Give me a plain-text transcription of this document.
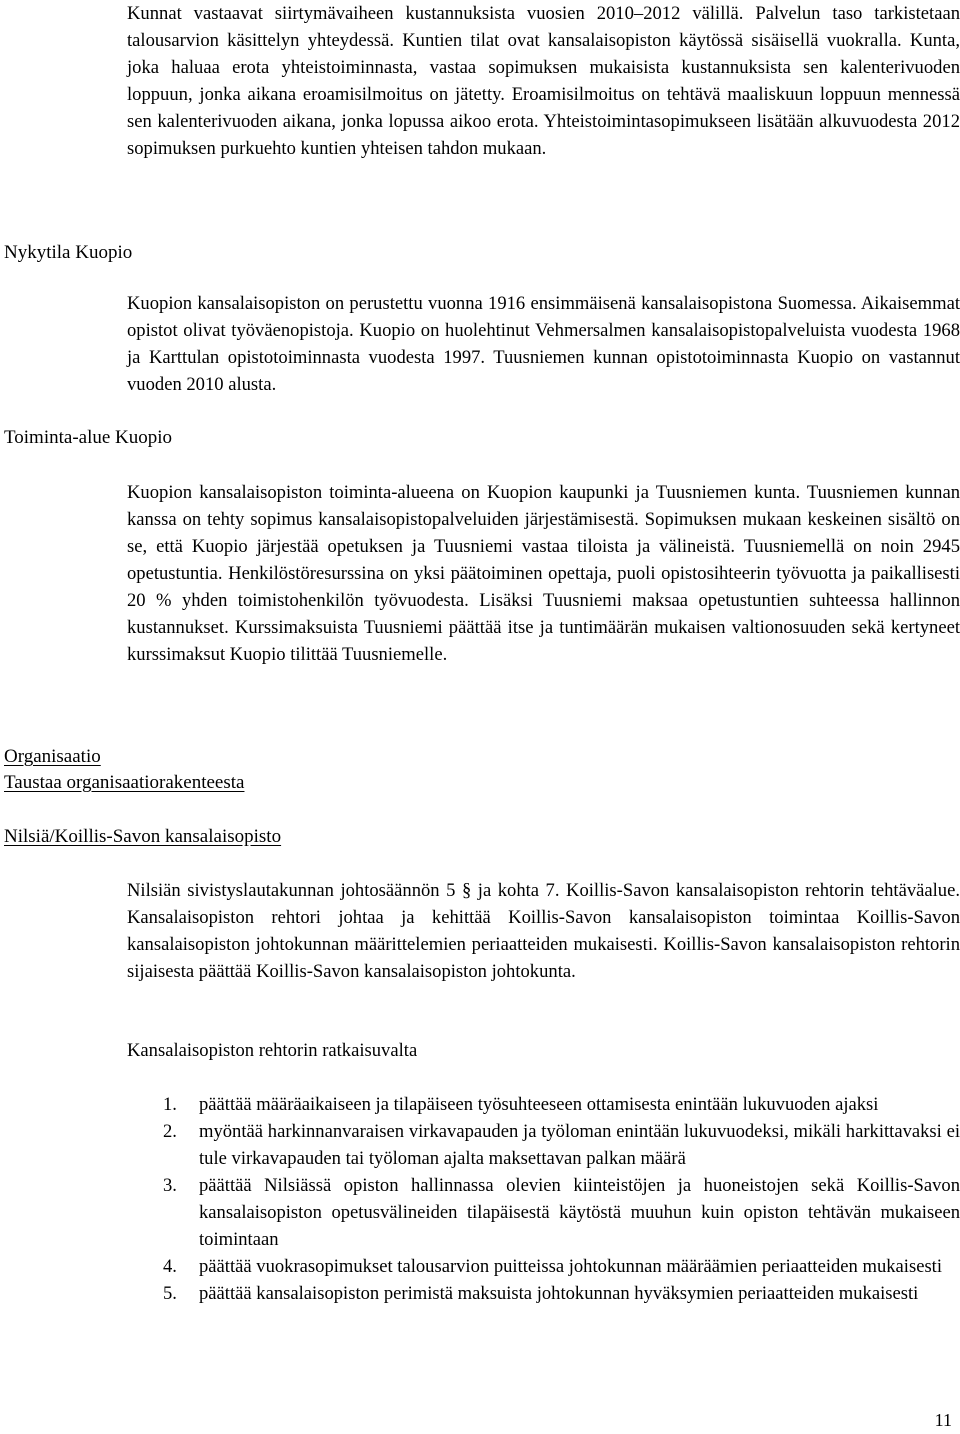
Kunnat vastaavat siirtymävaiheen kustannuksista vuosien 2010–2012 välillä. Palvelun taso tarkistetaan talousarvion käsittelyn yhteydessä. Kuntien tilat ovat kansalaisopiston käytössä sisäisellä vuokralla. Kunta, joka haluaa erota yhteistoiminnasta, vastaa sopimuksen mukaisista kustannuksista sen kalenterivuoden loppuun, jonka aikana eroamisilmoitus on jätetty. Eroamisilmoitus on tehtävä maaliskuun loppuun mennessä sen kalenterivuoden aikana, jonka lopussa aikoo erota. Yhteistoimintasopimukseen lisätään alkuvuodesta 2012 sopimuksen purkuehto kuntien yhteisen tahdon mukaan.

Nykytila Kuopio

Kuopion kansalaisopiston on perustettu vuonna 1916 ensimmäisenä kansalaisopistona Suomessa. Aikaisemmat opistot olivat työväenopistoja. Kuopio on huolehtinut Vehmersalmen kansalaisopistopalveluista vuodesta 1968 ja Karttulan opistotoiminnasta vuodesta 1997. Tuusniemen kunnan opistotoiminnasta Kuopio on vastannut vuoden 2010 alusta.

Toiminta-alue Kuopio

Kuopion kansalaisopiston toiminta-alueena on Kuopion kaupunki ja Tuusniemen kunta. Tuusniemen kunnan kanssa on tehty sopimus kansalaisopistopalveluiden järjestämisestä. Sopimuksen mukaan keskeinen sisältö on se, että Kuopio järjestää opetuksen ja Tuusniemi vastaa tiloista ja välineistä. Tuusniemellä on noin 2945 opetustuntia. Henkilöstöresurssina on yksi päätoiminen opettaja, puoli opistosihteerin työvuotta ja paikallisesti 20 % yhden toimistohenkilön työvuodesta. Lisäksi Tuusniemi maksaa opetustuntien suhteessa hallinnon kustannukset. Kurssimaksuista Tuusniemi päättää itse ja tuntimäärän mukaisen valtionosuuden sekä kertyneet kurssimaksut Kuopio tilittää Tuusniemelle.

Organisaatio
Taustaa organisaatiorakenteesta
Nilsiä/Koillis-Savon kansalaisopisto

Nilsiän sivistyslautakunnan johtosäännön 5 § ja kohta 7. Koillis-Savon kansalaisopiston rehtorin tehtäväalue. Kansalaisopiston rehtori johtaa ja kehittää Koillis-Savon kansalaisopiston toimintaa Koillis-Savon kansalaisopiston johtokunnan määrittelemien periaatteiden mukaisesti. Koillis-Savon kansalaisopiston rehtorin sijaisesta päättää Koillis-Savon kansalaisopiston johtokunta.

Kansalaisopiston rehtorin ratkaisuvalta

1. päättää määräaikaiseen ja tilapäiseen työsuhteeseen ottamisesta enintään lukuvuoden ajaksi
2. myöntää harkinnanvaraisen virkavapauden ja työloman enintään lukuvuodeksi, mikäli harkittavaksi ei tule virkavapauden tai työloman ajalta maksettavan palkan määrä
3. päättää Nilsiässä opiston hallinnassa olevien kiinteistöjen ja huoneistojen sekä Koillis-Savon kansalaisopiston opetusvälineiden tilapäisestä käytöstä muuhun kuin opiston tehtävän mukaiseen toimintaan
4. päättää vuokrasopimukset talousarvion puitteissa johtokunnan määräämien periaatteiden mukaisesti
5. päättää kansalaisopiston perimistä maksuista johtokunnan hyväksymien periaatteiden mukaisesti
11
